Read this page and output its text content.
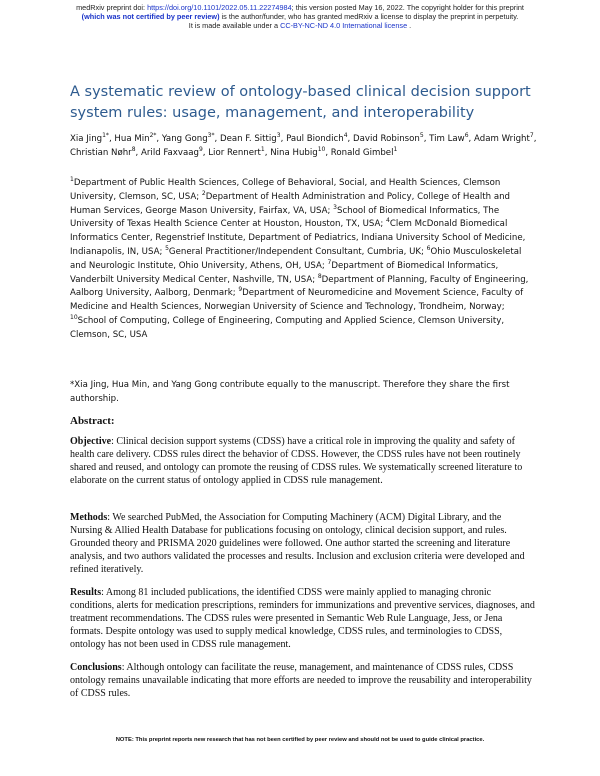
medRxiv preprint doi: https://doi.org/10.1101/2022.05.11.22274984; this version posted May 16, 2022. The copyright holder for this preprint
(which was not certified by peer review) is the author/funder, who has granted medRxiv a license to display the preprint in perpetuity.
It is made available under a CC-BY-NC-ND 4.0 International license .
A systematic review of ontology-based clinical decision support system rules: usage, management, and interoperability
Xia Jing$^{1*}$, Hua Min$^{2*}$, Yang Gong$^{3*}$, Dean F. Sittig$^3$, Paul Biondich$^4$, David Robinson$^5$, Tim Law$^6$, Adam Wright$^7$, Christian Nøhr$^8$, Arild Faxvaag$^9$, Lior Rennert$^1$, Nina Hubig$^{10}$, Ronald Gimbel$^1$
$^1$Department of Public Health Sciences, College of Behavioral, Social, and Health Sciences, Clemson University, Clemson, SC, USA; $^2$Department of Health Administration and Policy, College of Health and Human Services, George Mason University, Fairfax, VA, USA; $^3$School of Biomedical Informatics, The University of Texas Health Science Center at Houston, Houston, TX, USA; $^4$Clem McDonald Biomedical Informatics Center, Regenstrief Institute, Department of Pediatrics, Indiana University School of Medicine, Indianapolis, IN, USA; $^5$General Practitioner/Independent Consultant, Cumbria, UK; $^6$Ohio Musculoskeletal and Neurologic Institute, Ohio University, Athens, OH, USA; $^7$Department of Biomedical Informatics, Vanderbilt University Medical Center, Nashville, TN, USA; $^8$Department of Planning, Faculty of Engineering, Aalborg University, Aalborg, Denmark; $^9$Department of Neuromedicine and Movement Science, Faculty of Medicine and Health Sciences, Norwegian University of Science and Technology, Trondheim, Norway; $^{10}$School of Computing, College of Engineering, Computing and Applied Science, Clemson University, Clemson, SC, USA
*Xia Jing, Hua Min, and Yang Gong contribute equally to the manuscript. Therefore they share the first authorship.
Abstract:
Objective: Clinical decision support systems (CDSS) have a critical role in improving the quality and safety of health care delivery. CDSS rules direct the behavior of CDSS. However, the CDSS rules have not been routinely shared and reused, and ontology can promote the reusing of CDSS rules. We systematically screened literature to elaborate on the current status of ontology applied in CDSS rule management.
Methods: We searched PubMed, the Association for Computing Machinery (ACM) Digital Library, and the Nursing & Allied Health Database for publications focusing on ontology, clinical decision support, and rules. Grounded theory and PRISMA 2020 guidelines were followed. One author started the screening and literature analysis, and two authors validated the processes and results. Inclusion and exclusion criteria were developed and refined iteratively.
Results: Among 81 included publications, the identified CDSS were mainly applied to managing chronic conditions, alerts for medication prescriptions, reminders for immunizations and preventive services, diagnoses, and treatment recommendations. The CDSS rules were presented in Semantic Web Rule Language, Jess, or Jena formats. Despite ontology was used to supply medical knowledge, CDSS rules, and terminologies to CDSS, ontology has not been used in CDSS rule management.
Conclusions: Although ontology can facilitate the reuse, management, and maintenance of CDSS rules, CDSS ontology remains unavailable indicating that more efforts are needed to improve the reusability and interoperability of CDSS rules.
NOTE: This preprint reports new research that has not been certified by peer review and should not be used to guide clinical practice.
